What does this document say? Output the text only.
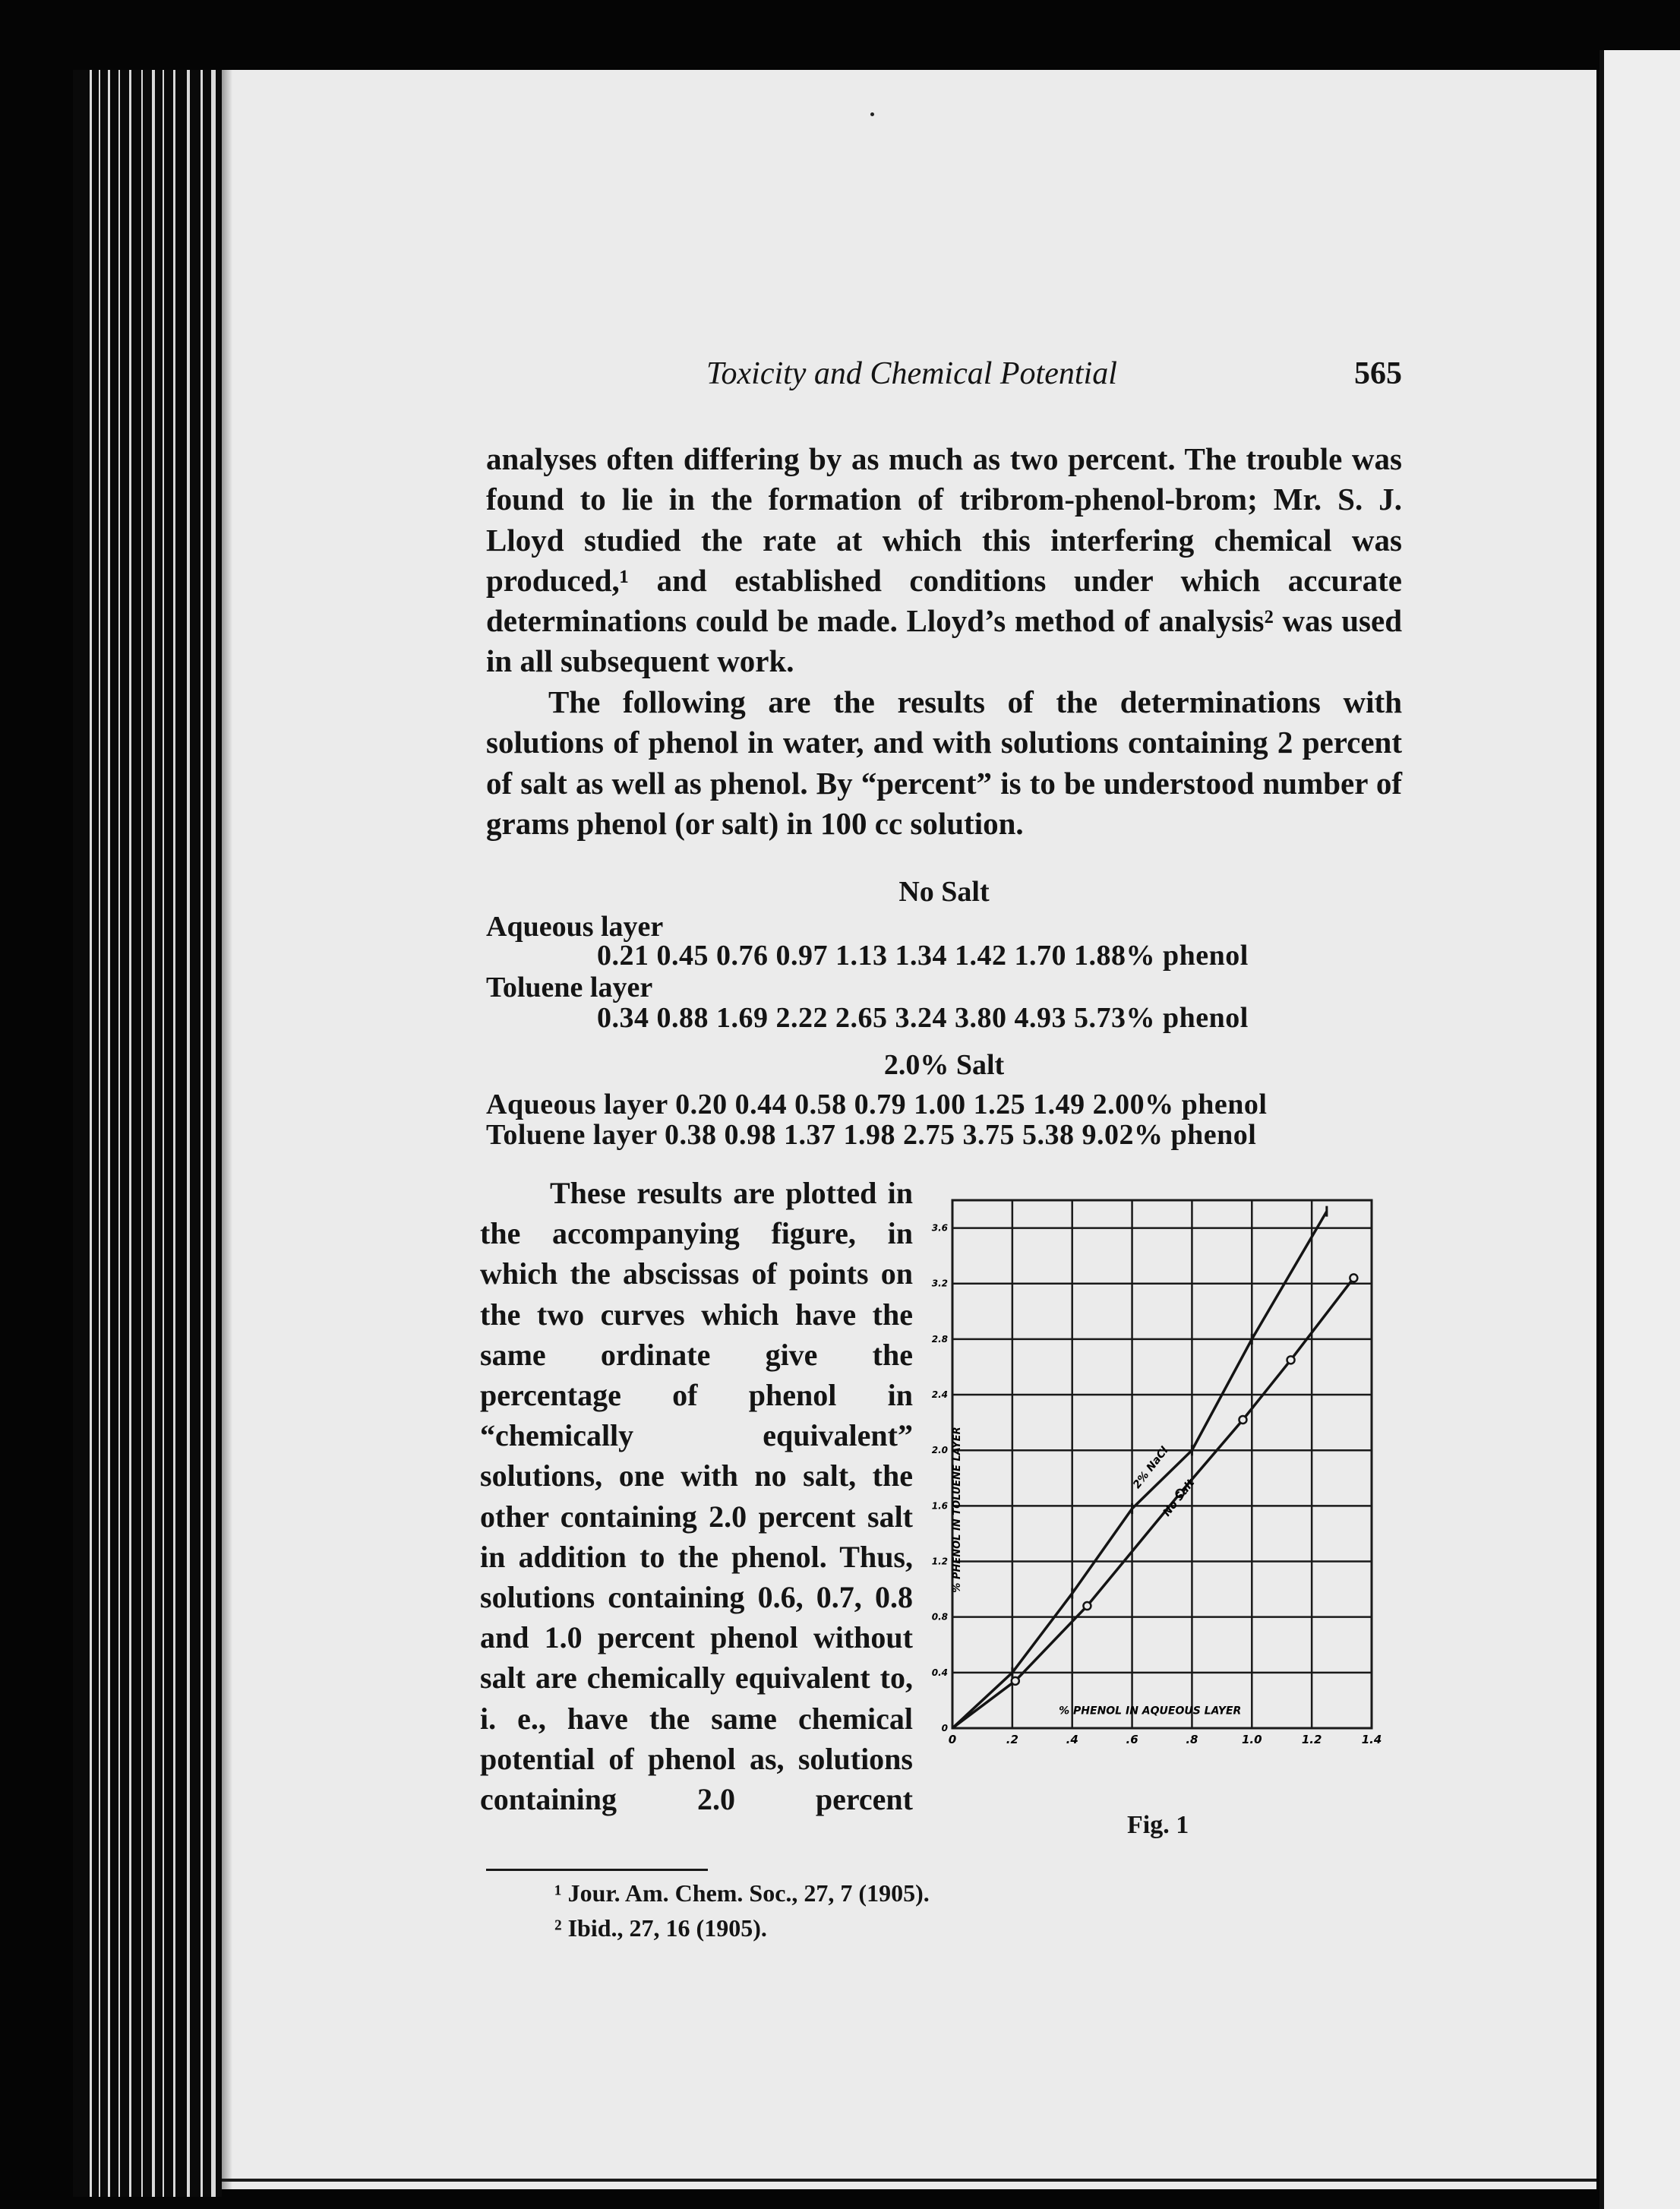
Toxicity and Chemical Potential	565

analyses often differing by as much as two percent. The trouble was found to lie in the formation of tribrom-phenol-brom; Mr. S. J. Lloyd studied the rate at which this interfering chemical was produced,¹ and established conditions under which accurate determinations could be made. Lloyd’s method of analysis² was used in all subsequent work.

The following are the results of the determinations with solutions of phenol in water, and with solutions containing 2 percent of salt as well as phenol. By “percent” is to be understood number of grams phenol (or salt) in 100 cc solution.

No Salt
Aqueous layer
0.21 0.45 0.76 0.97 1.13 1.34 1.42 1.70 1.88% phenol
Toluene layer
0.34 0.88 1.69 2.22 2.65 3.24 3.80 4.93 5.73% phenol
2.0% Salt
Aqueous layer 0.20 0.44 0.58 0.79 1.00 1.25 1.49 2.00% phenol
Toluene layer 0.38 0.98 1.37 1.98 2.75 3.75 5.38 9.02% phenol

These results are plotted in the accompanying figure, in which the abscissas of points on the two curves which have the same ordinate give the percentage of phenol in “chemically equivalent” solutions, one with no salt, the other containing 2.0 percent salt in addition to the phenol. Thus, solutions containing 0.6, 0.7, 0.8 and 1.0 percent phenol without salt are chemically equivalent to, i. e., have the same chemical potential of phenol as, solutions containing 2.0 percent

0	.2	.4	.6	.8	1.0	1.2	1.4
0
0.4
0.8
1.2
1.6
2.0
2.4
2.8
3.2
3.6
% PHENOL IN AQUEOUS LAYER
% PHENOL IN TOLUENE LAYER	2% NaCl
No Salt
Fig. 1
¹ Jour. Am. Chem. Soc., 27, 7 (1905).
² Ibid., 27, 16 (1905).
